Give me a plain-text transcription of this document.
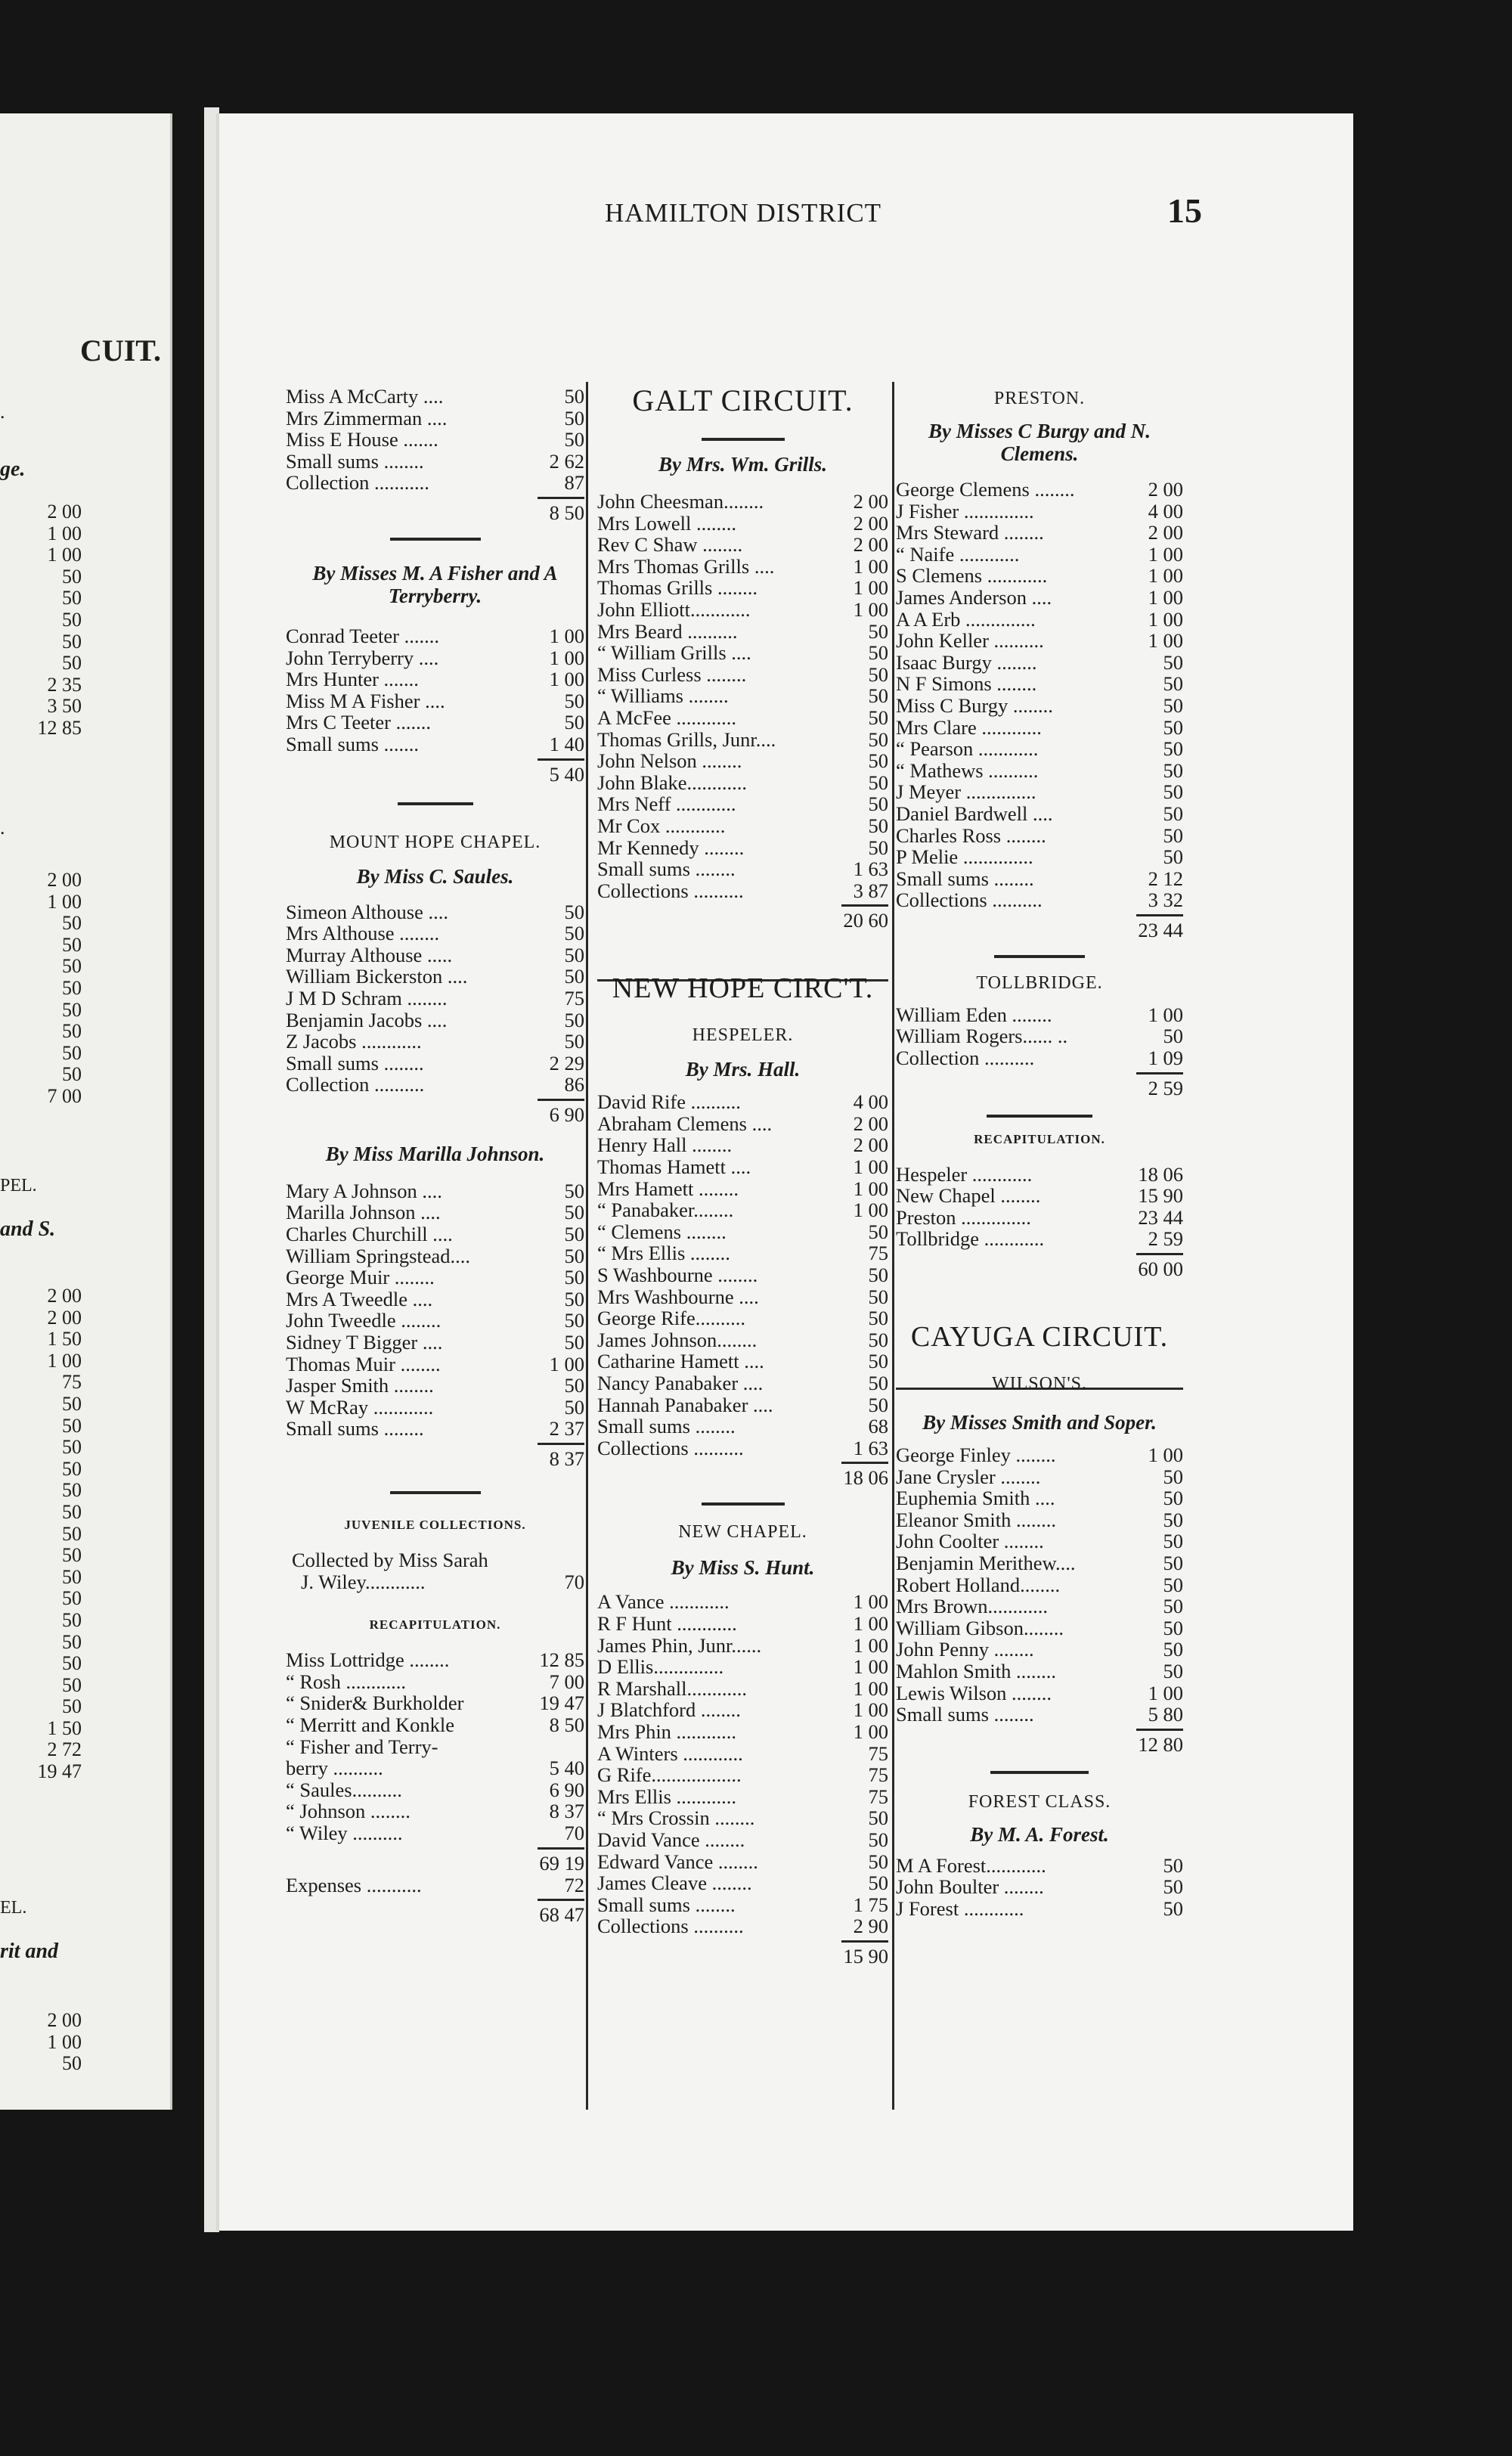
CUIT.
.
ge.
2 00
1 00
1 00
50
50
50
50
50
2 35
3 50
12 85
.
2 00
1 00
50
50
50
50
50
50
50
50
7 00
PEL.
and S.
2 00
2 00
1 50
1 00
75
50
50
50
50
50
50
50
50
50
50
50
50
50
50
50
1 50
2 72
19 47
EL.
rit and
2 00
1 00
50
HAMILTON DISTRICT	15
Miss A McCarty ....	50
Mrs Zimmerman ....	50
Miss E House .......	50
Small sums ........	2 62
Collection ...........	87
8 50
By Misses M. A Fisher and A Terryberry.
Conrad Teeter .......	1 00
John Terryberry ....	1 00
Mrs Hunter .......	1 00
Miss M A Fisher ....	50
Mrs C Teeter .......	50
Small sums .......	1 40
5 40
MOUNT HOPE CHAPEL.
By Miss C. Saules.
Simeon Althouse ....	50
Mrs Althouse ........	50
Murray Althouse .....	50
William Bickerston ....	50
J M D Schram ........	75
Benjamin Jacobs ....	50
Z Jacobs ............	50
Small sums ........	2 29
Collection ..........	86
6 90
By Miss Marilla Johnson.
Mary A Johnson ....	50
Marilla Johnson ....	50
Charles Churchill ....	50
William Springstead....	50
George Muir ........	50
Mrs A Tweedle ....	50
John Tweedle ........	50
Sidney T Bigger ....	50
Thomas Muir ........	1 00
Jasper Smith ........	50
W McRay ............	50
Small sums ........	2 37
8 37
JUVENILE COLLECTIONS.
Collected by Miss Sarah
J. Wiley............	70
RECAPITULATION.
Miss Lottridge ........	12 85
“ Rosh ............	7 00
“ Snider& Burkholder	19 47
“ Merritt and Konkle	8 50
“ Fisher and Terry-
berry ..........	5 40
“ Saules..........	6 90
“ Johnson ........	8 37
“ Wiley ..........	70
69 19
Expenses ...........	72
68 47
GALT CIRCUIT.
By Mrs. Wm. Grills.
John Cheesman........	2 00
Mrs Lowell ........	2 00
Rev C Shaw ........	2 00
Mrs Thomas Grills ....	1 00
Thomas Grills ........	1 00
John Elliott............	1 00
Mrs Beard ..........	50
“ William Grills ....	50
Miss Curless ........	50
“ Williams ........	50
A McFee ............	50
Thomas Grills, Junr....	50
John Nelson ........	50
John Blake............	50
Mrs Neff ............	50
Mr Cox ............	50
Mr Kennedy ........	50
Small sums ........	1 63
Collections ..........	3 87
20 60
NEW HOPE CIRC'T.
HESPELER.
By Mrs. Hall.
David Rife ..........	4 00
Abraham Clemens ....	2 00
Henry Hall ........	2 00
Thomas Hamett ....	1 00
Mrs Hamett ........	1 00
“ Panabaker........	1 00
“ Clemens ........	50
“ Mrs Ellis ........	75
S Washbourne ........	50
Mrs Washbourne ....	50
George Rife..........	50
James Johnson........	50
Catharine Hamett ....	50
Nancy Panabaker ....	50
Hannah Panabaker ....	50
Small sums ........	68
Collections ..........	1 63
18 06
NEW CHAPEL.
By Miss S. Hunt.
A Vance ............	1 00
R F Hunt ............	1 00
James Phin, Junr......	1 00
D Ellis..............	1 00
R Marshall............	1 00
J Blatchford ........	1 00
Mrs Phin ............	1 00
A Winters ............	75
G Rife..................	75
Mrs Ellis ............	75
“ Mrs Crossin ........	50
David Vance ........	50
Edward Vance ........	50
James Cleave ........	50
Small sums ........	1 75
Collections ..........	2 90
15 90
PRESTON.
By Misses C Burgy and N. Clemens.
George Clemens ........	2 00
J Fisher ..............	4 00
Mrs Steward ........	2 00
“ Naife ............	1 00
S Clemens ............	1 00
James Anderson ....	1 00
A A Erb ..............	1 00
John Keller ..........	1 00
Isaac Burgy ........	50
N F Simons ........	50
Miss C Burgy ........	50
Mrs Clare ............	50
“ Pearson ............	50
“ Mathews ..........	50
J Meyer ..............	50
Daniel Bardwell ....	50
Charles Ross ........	50
P Melie ..............	50
Small sums ........	2 12
Collections ..........	3 32
23 44
TOLLBRIDGE.
William Eden ........	1 00
William Rogers...... ..	50
Collection ..........	1 09
2 59
RECAPITULATION.
Hespeler ............	18 06
New Chapel ........	15 90
Preston ..............	23 44
Tollbridge ............	2 59
60 00
CAYUGA CIRCUIT.
WILSON'S.
By Misses Smith and Soper.
George Finley ........	1 00
Jane Crysler ........	50
Euphemia Smith ....	50
Eleanor Smith ........	50
John Coolter ........	50
Benjamin Merithew....	50
Robert Holland........	50
Mrs Brown............	50
William Gibson........	50
John Penny ........	50
Mahlon Smith ........	50
Lewis Wilson ........	1 00
Small sums ........	5 80
12 80
FOREST CLASS.
By M. A. Forest.
M A Forest............	50
John Boulter ........	50
J Forest ............	50
